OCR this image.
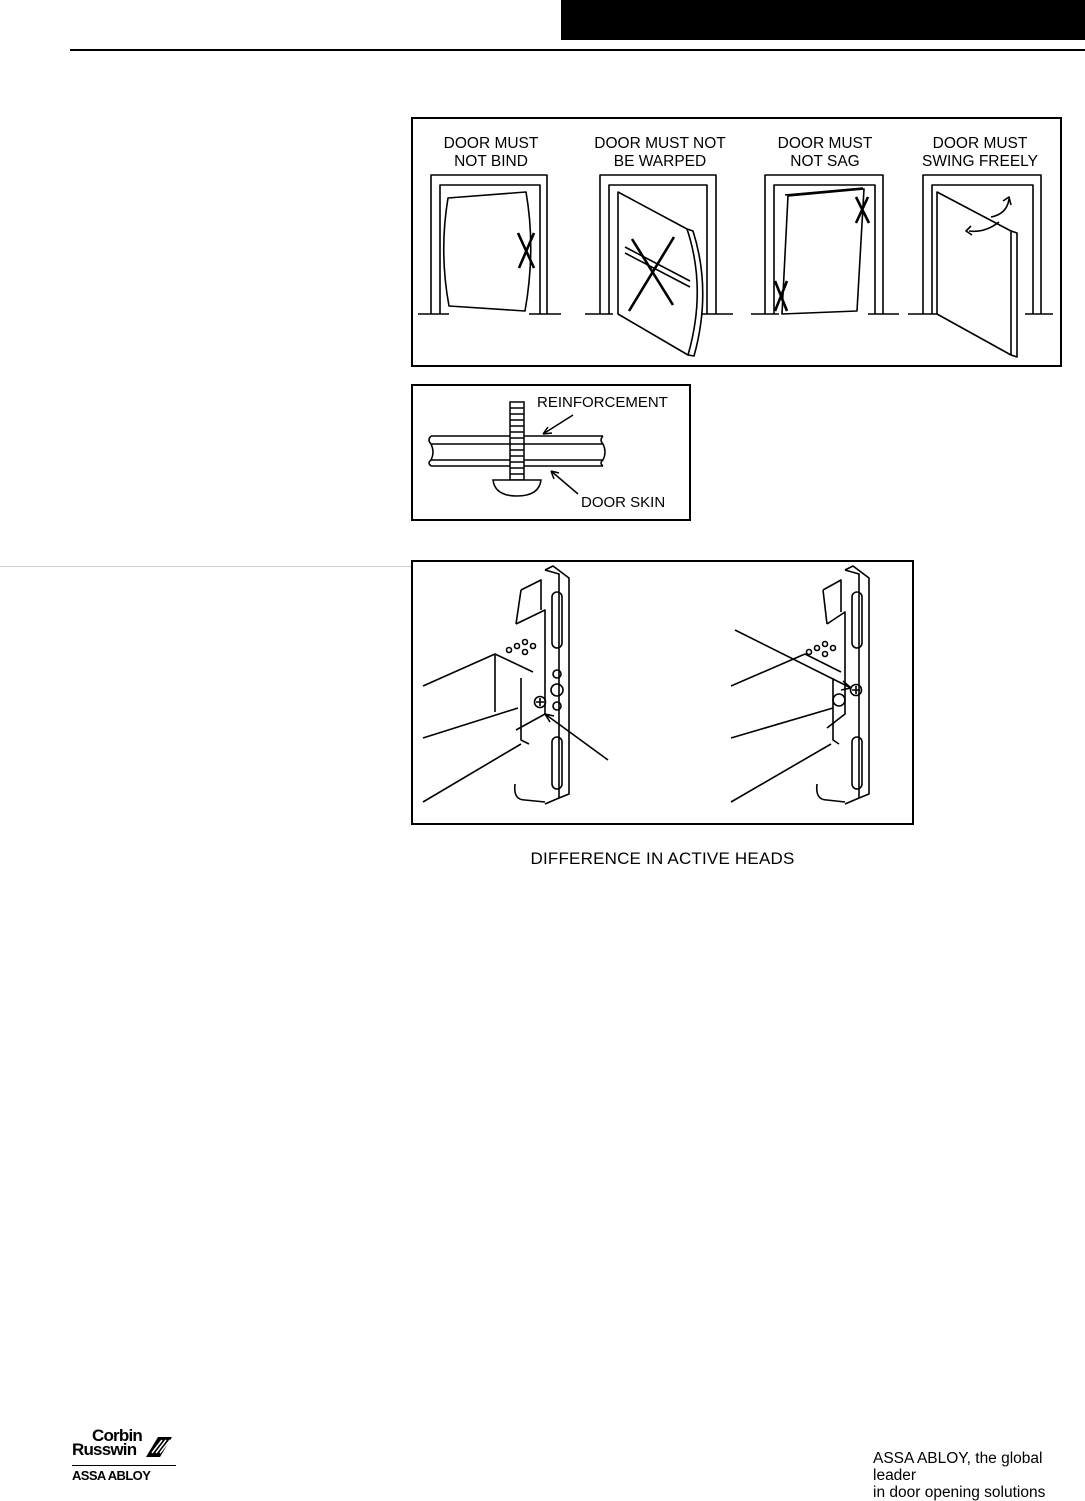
DOOR MUST
NOT BIND
DOOR MUST NOT
BE WARPED
DOOR MUST
NOT SAG
DOOR MUST
SWING FREELY
REINFORCEMENT
DOOR SKIN
DIFFERENCE IN ACTIVE HEADS
Corbin
Russwin
ASSA ABLOY
ASSA ABLOY, the global leader
in door opening solutions
